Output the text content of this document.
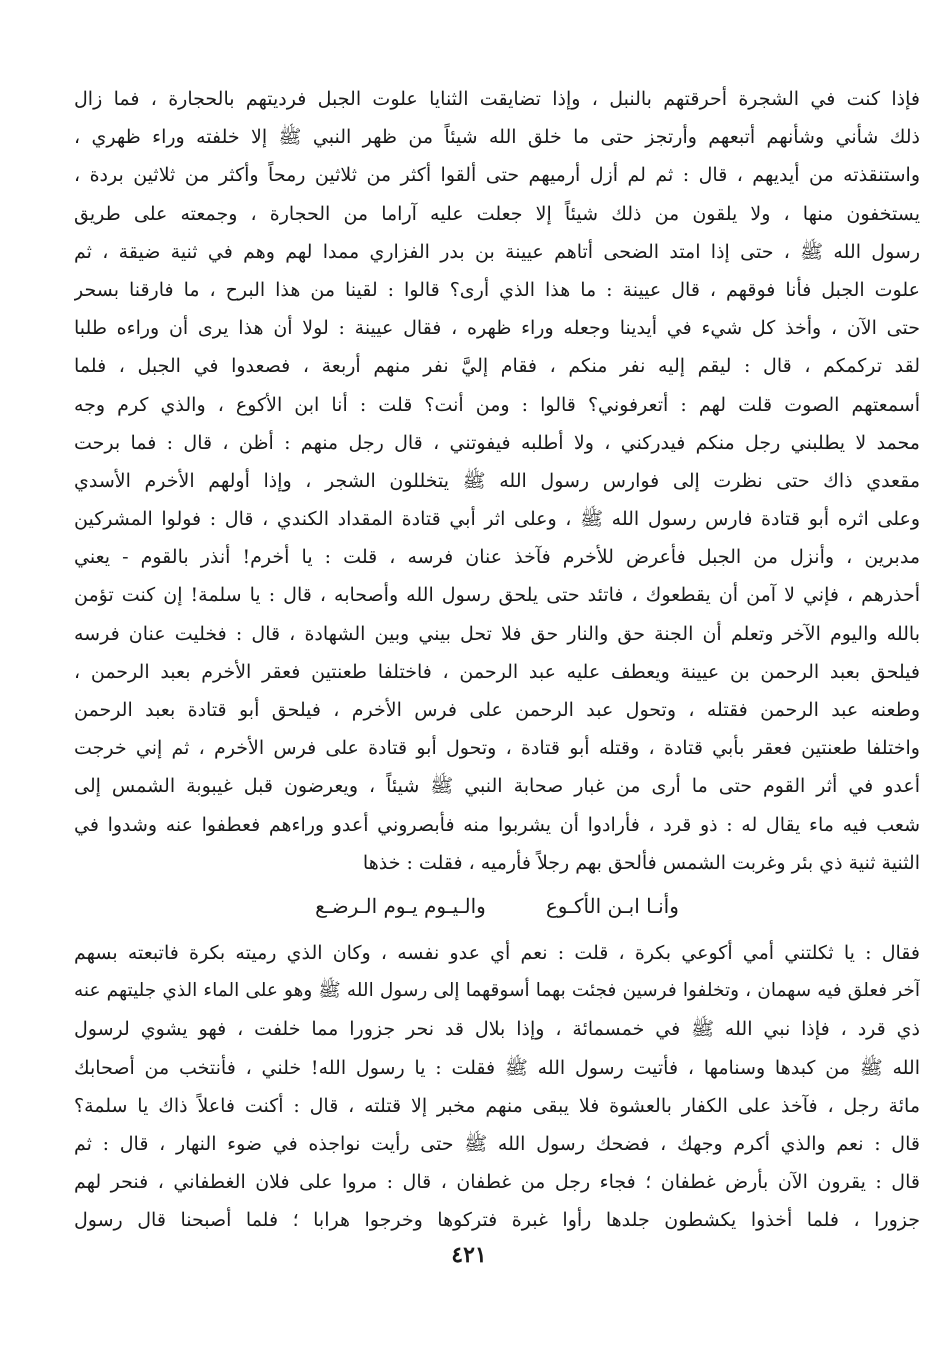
فإذا كنت في الشجرة أحرقتهم بالنبل ، وإذا تضايقت الثنايا علوت الجبل فرديتهم بالحجارة ، فما زال
ذلك شأني وشأنهم أتبعهم وأرتجز حتى ما خلق الله شيئاً من ظهر النبي ﷺ إلا خلفته وراء ظهري ،
واستنقذته من أيديهم ، قال : ثم لم أزل أرميهم حتى ألقوا أكثر من ثلاثين رمحاً وأكثر من ثلاثين بردة ،
يستخفون منها ، ولا يلقون من ذلك شيئاً إلا جعلت عليه آراما من الحجارة ، وجمعته على طريق
رسول الله ﷺ ، حتى إذا امتد الضحى أتاهم عيينة بن بدر الفزاري ممدا لهم وهم في ثنية ضيقة ، ثم
علوت الجبل فأنا فوقهم ، قال عيينة : ما هذا الذي أرى؟ قالوا : لقينا من هذا البرح ، ما فارقنا بسحر
حتى الآن ، وأخذ كل شيء في أيدينا وجعله وراء ظهره ، فقال عيينة : لولا أن هذا يرى أن وراءه طلبا
لقد تركمكم ، قال : ليقم إليه نفر منكم ، فقام إليَّ نفر منهم أربعة ، فصعدوا في الجبل ، فلما
أسمعتهم الصوت قلت لهم : أتعرفوني؟ قالوا : ومن أنت؟ قلت : أنا ابن الأكوع ، والذي كرم وجه
محمد لا يطلبني رجل منكم فيدركني ، ولا أطلبه فيفوتني ، قال رجل منهم : أظن ، قال : فما برحت
مقعدي ذاك حتى نظرت إلى فوارس رسول الله ﷺ يتخللون الشجر ، وإذا أولهم الأخرم الأسدي
وعلى اثره أبو قتادة فارس رسول الله ﷺ ، وعلى اثر أبي قتادة المقداد الكندي ، قال : فولوا المشركين
مدبرين ، وأنزل من الجبل فأعرض للأخرم فآخذ عنان فرسه ، قلت : يا أخرم! أنذر بالقوم - يعني
أحذرهم ، فإني لا آمن أن يقطعوك ، فاتئد حتى يلحق رسول الله وأصحابه ، قال : يا سلمة! إن كنت تؤمن
بالله واليوم الآخر وتعلم أن الجنة حق والنار حق فلا تحل بيني وبين الشهادة ، قال : فخليت عنان فرسه
فيلحق بعبد الرحمن بن عيينة ويعطف عليه عبد الرحمن ، فاختلفا طعنتين فعقر الأخرم بعبد الرحمن ،
وطعنه عبد الرحمن فقتله ، وتحول عبد الرحمن على فرس الأخرم ، فيلحق أبو قتادة بعبد الرحمن
واختلفا طعنتين فعقر بأبي قتادة ، وقتله أبو قتادة ، وتحول أبو قتادة على فرس الأخرم ، ثم إني خرجت
أعدو في أثر القوم حتى ما أرى من غبار صحابة النبي ﷺ شيئاً ، ويعرضون قبل غيبوبة الشمس إلى
شعب فيه ماء يقال له : ذو قرد ، فأرادوا أن يشربوا منه فأبصروني أعدو وراءهم فعطفوا عنه وشدوا في
الثنية ثنية ذي بئر وغربت الشمس فألحق بهم رجلاً فأرميه ، فقلت : خذها
وأنـا ابـن الأكـوع
والـيـوم يـوم الـرضـع
فقال : يا ثكلتني أمي أكوعي بكرة ، قلت : نعم أي عدو نفسه ، وكان الذي رميته بكرة فاتبعته بسهم
آخر فعلق فيه سهمان ، وتخلفوا فرسين فجئت بهما أسوقهما إلى رسول الله ﷺ وهو على الماء الذي جليتهم عنه
ذي قرد ، فإذا نبي الله ﷺ في خمسمائة ، وإذا بلال قد نحر جزورا مما خلفت ، فهو يشوي لرسول
الله ﷺ من كبدها وسنامها ، فأتيت رسول الله ﷺ فقلت : يا رسول الله! خلني ، فأنتخب من أصحابك
مائة رجل ، فآخذ على الكفار بالعشوة فلا يبقى منهم مخبر إلا قتلته ، قال : أكنت فاعلاً ذاك يا سلمة؟
قال : نعم والذي أكرم وجهك ، فضحك رسول الله ﷺ حتى رأيت نواجذه في ضوء النهار ، قال : ثم
قال : يقرون الآن بأرض غطفان ؛ فجاء رجل من غطفان ، قال : مروا على فلان الغطفاني ، فنحر لهم
جزورا ، فلما أخذوا يكشطون جلدها رأوا غبرة فتركوها وخرجوا هرابا ؛ فلما أصبحنا قال رسول
٤٢١
